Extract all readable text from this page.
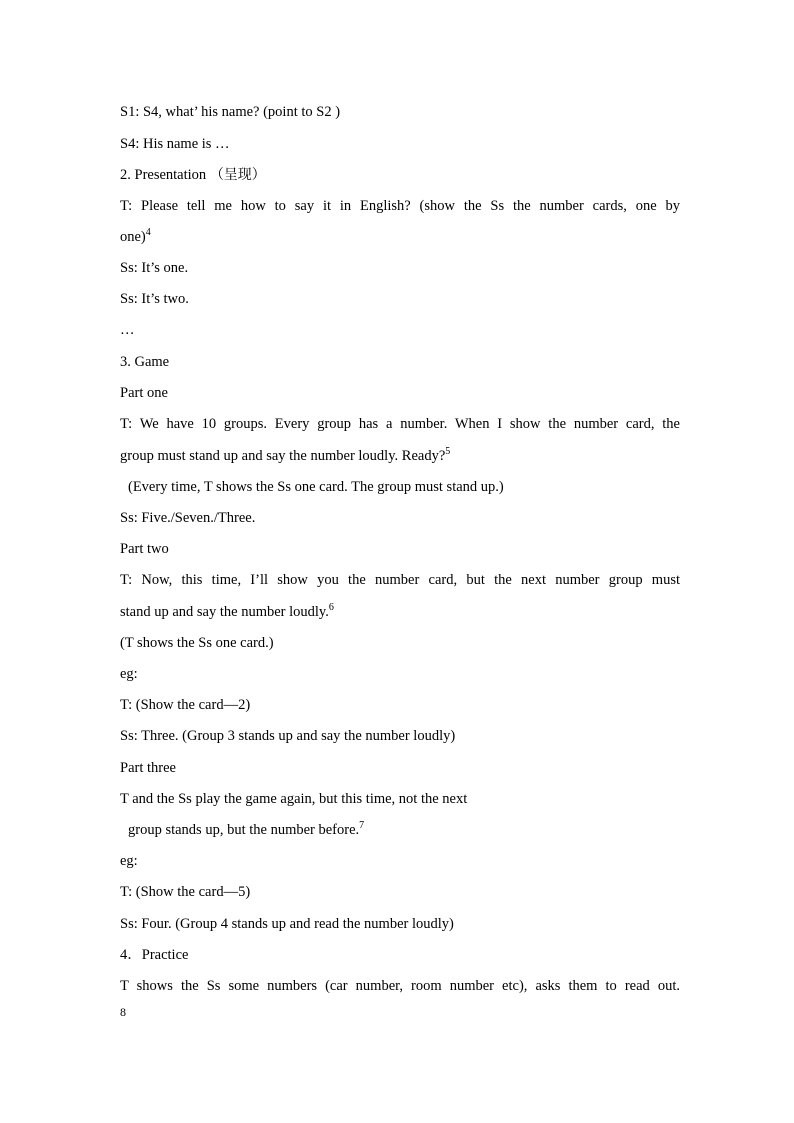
S1: S4, what’ his name? (point to S2 )
S4: His name is …
2. Presentation （呈现）
T: Please tell me how to say it in English? (show the Ss the number cards, one by
one)$^4$
Ss: It’s one.
Ss: It’s two.
…
3. Game
Part one
T: We have 10 groups. Every group has a number. When I show the number card, the
group must stand up and say the number loudly. Ready?$^5$
(Every time, T shows the Ss one card. The group must stand up.)
Ss: Five./Seven./Three.
Part two
T: Now, this time, I’ll show you the number card, but the next number group must
stand up and say the number loudly.$^6$
(T shows the Ss one card.)
eg:
T: (Show the card—2)
Ss: Three. (Group 3 stands up and say the number loudly)
Part three
T and the Ss play the game again, but this time, not the next
group stands up, but the number before.$^7$
eg:
T: (Show the card—5)
Ss: Four. (Group 4 stands up and read the number loudly)
4．Practice
T shows the Ss some numbers (car number, room number etc), asks them to read out.
8
